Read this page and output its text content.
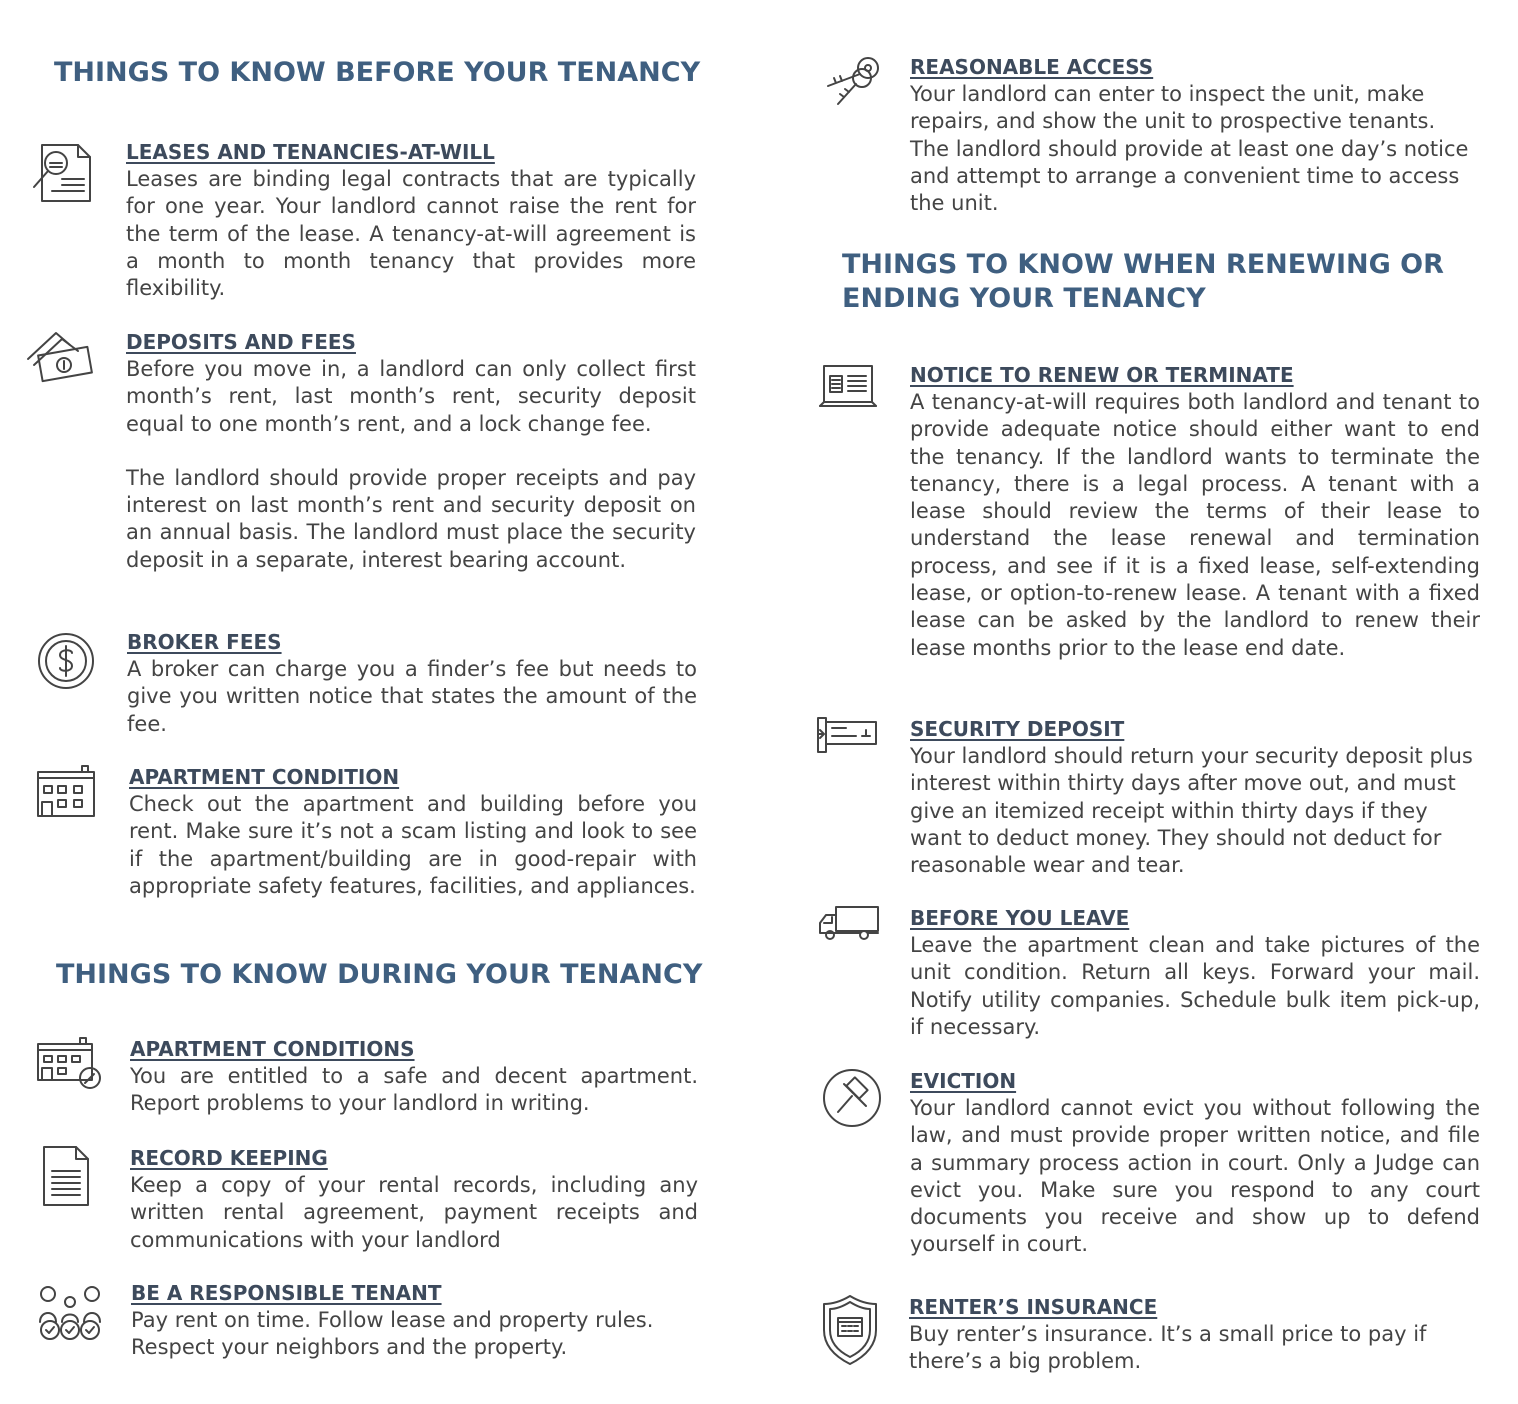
THINGS TO KNOW BEFORE YOUR TENANCY
LEASES AND TENANCIES-AT-WILL

Leases are binding legal contracts that are typically for one year. Your landlord cannot raise the rent for the term of the lease. A tenancy-at-will agreement is a month to month tenancy that provides more flexibility.

DEPOSITS AND FEES

Before you move in, a landlord can only collect first month’s rent, last month’s rent, security deposit equal to one month’s rent, and a lock change fee.

The landlord should provide proper receipts and pay interest on last month’s rent and security deposit on an annual basis. The landlord must place the security deposit in a separate, interest bearing account.

BROKER FEES

A broker can charge you a finder’s fee but needs to give you written notice that states the amount of the fee.

APARTMENT CONDITION

Check out the apartment and building before you rent. Make sure it’s not a scam listing and look to see if the apartment/building are in good-repair with appropriate safety features, facilities, and appliances.

THINGS TO KNOW DURING YOUR TENANCY
APARTMENT CONDITIONS

You are entitled to a safe and decent apartment. Report problems to your landlord in writing.

RECORD KEEPING

Keep a copy of your rental records, including any written rental agreement, payment receipts and communications with your landlord

BE A RESPONSIBLE TENANT

Pay rent on time. Follow lease and property rules. Respect your neighbors and the property.

REASONABLE ACCESS

Your landlord can enter to inspect the unit, make repairs, and show the unit to prospective tenants. The landlord should provide at least one day’s notice and attempt to arrange a convenient time to access the unit.

THINGS TO KNOW WHEN RENEWING OR
ENDING YOUR TENANCY
NOTICE TO RENEW OR TERMINATE

A tenancy-at-will requires both landlord and tenant to provide adequate notice should either want to end the tenancy. If the landlord wants to terminate the tenancy, there is a legal process. A tenant with a lease should review the terms of their lease to understand the lease renewal and termination process, and see if it is a fixed lease, self-extending lease, or option-to-renew lease. A tenant with a fixed lease can be asked by the landlord to renew their lease months prior to the lease end date.

SECURITY DEPOSIT

Your landlord should return your security deposit plus interest within thirty days after move out, and must give an itemized receipt within thirty days if they want to deduct money. They should not deduct for reasonable wear and tear.

BEFORE YOU LEAVE

Leave the apartment clean and take pictures of the unit condition. Return all keys. Forward your mail. Notify utility companies. Schedule bulk item pick-up, if necessary.

EVICTION

Your landlord cannot evict you without following the law, and must provide proper written notice, and file a summary process action in court. Only a Judge can evict you. Make sure you respond to any court documents you receive and show up to defend yourself in court.

RENTER’S INSURANCE

Buy renter’s insurance. It’s a small price to pay if there’s a big problem.
